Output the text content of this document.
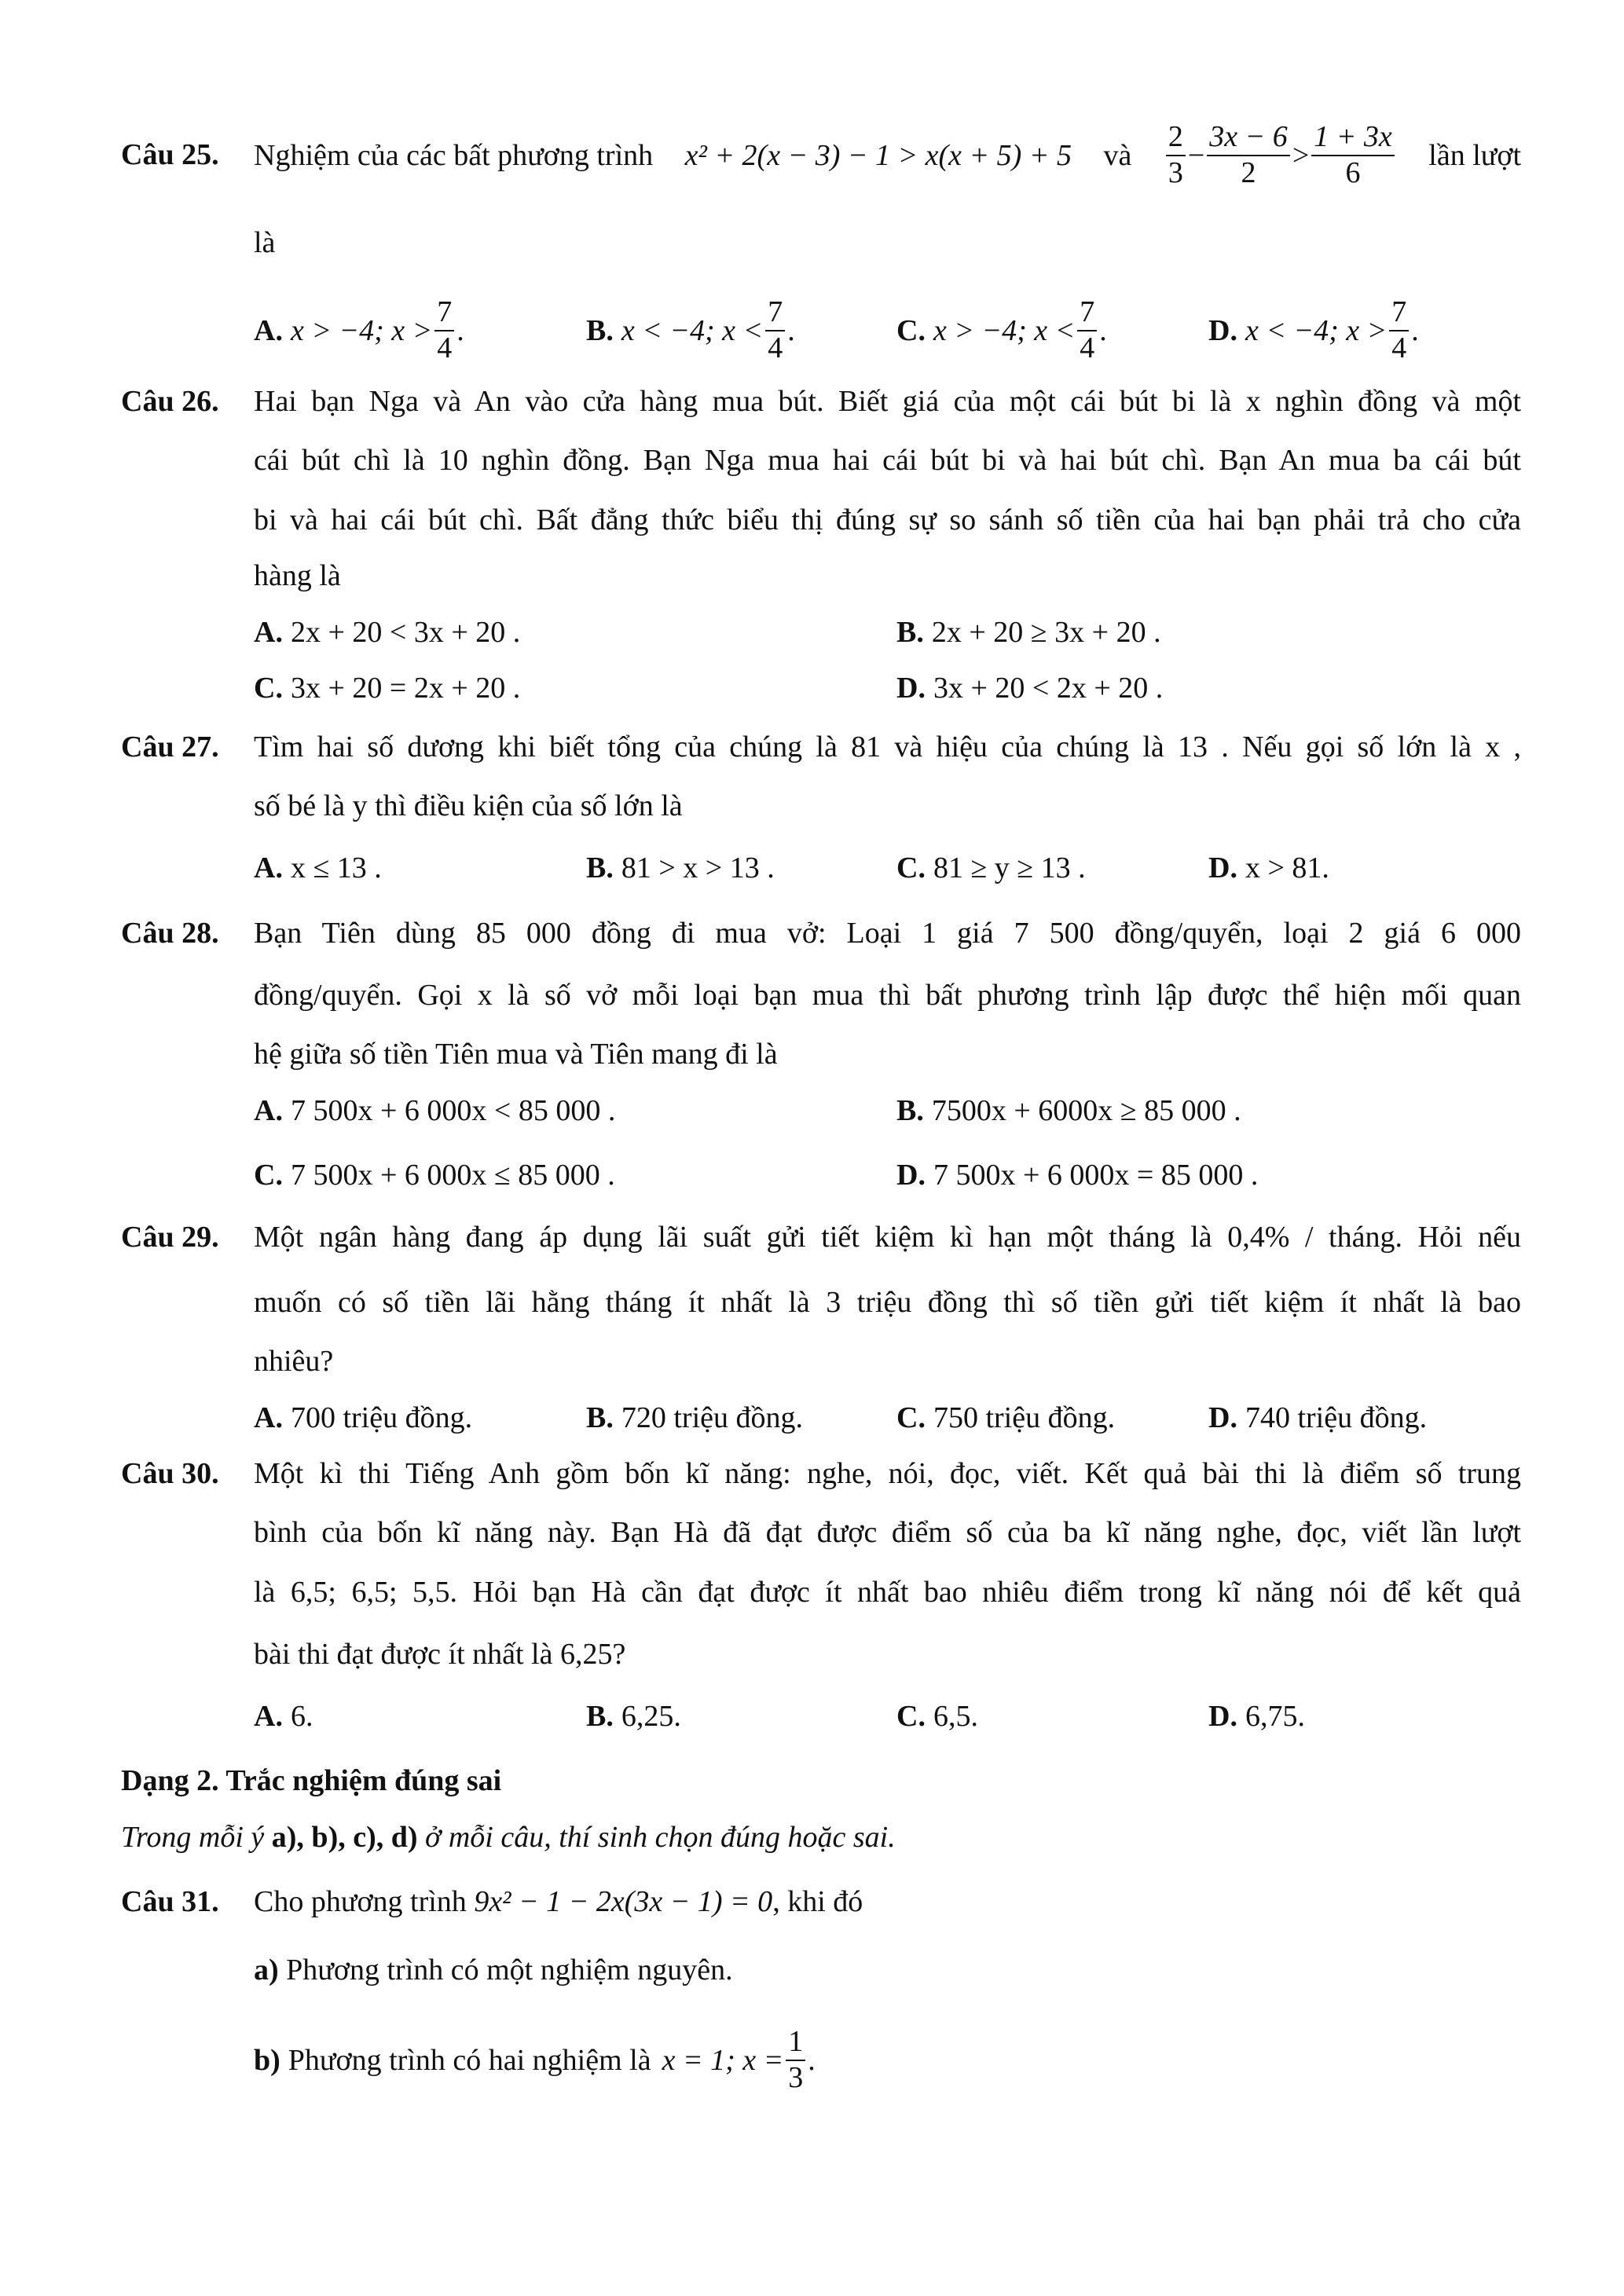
Câu 25. Nghiệm của các bất phương trình x² + 2(x − 3) − 1 > x(x + 5) + 5 và $\frac{2}{3} - \frac{3x - 6}{2} > \frac{1 + 3x}{6}$ lần lượt
là
A. x > −4; $x > \frac{7}{4}$ .	B. x < −4; $x < \frac{7}{4}$ .	C. x > −4; $x < \frac{7}{4}$ .	D. x < −4; $x > \frac{7}{4}$ .
Câu 26. Hai bạn Nga và An vào cửa hàng mua bút. Biết giá của một cái bút bi là x nghìn đồng và một
cái bút chì là 10 nghìn đồng. Bạn Nga mua hai cái bút bi và hai bút chì. Bạn An mua ba cái bút
bi và hai cái bút chì. Bất đẳng thức biểu thị đúng sự so sánh số tiền của hai bạn phải trả cho cửa
hàng là
A. 2x + 20 < 3x + 20 .	B. 2x + 20 ≥ 3x + 20 .
C. 3x + 20 = 2x + 20 .	D. 3x + 20 < 2x + 20 .
Câu 27. Tìm hai số dương khi biết tổng của chúng là 81 và hiệu của chúng là 13 . Nếu gọi số lớn là x ,
số bé là y thì điều kiện của số lớn là
A. x ≤ 13 .	B. 81 > x > 13 .	C. 81 ≥ y ≥ 13 .	D. x > 81.
Câu 28. Bạn Tiên dùng 85 000 đồng đi mua vở: Loại 1 giá 7 500 đồng/quyển, loại 2 giá 6 000
đồng/quyển. Gọi x là số vở mỗi loại bạn mua thì bất phương trình lập được thể hiện mối quan
hệ giữa số tiền Tiên mua và Tiên mang đi là
A. 7 500x + 6 000x < 85 000 .	B. 7500x + 6000x ≥ 85 000 .
C. 7 500x + 6 000x ≤ 85 000 .	D. 7 500x + 6 000x = 85 000 .
Câu 29. Một ngân hàng đang áp dụng lãi suất gửi tiết kiệm kì hạn một tháng là 0,4% / tháng. Hỏi nếu
muốn có số tiền lãi hằng tháng ít nhất là 3 triệu đồng thì số tiền gửi tiết kiệm ít nhất là bao
nhiêu?
A. 700 triệu đồng.	B. 720 triệu đồng.	C. 750 triệu đồng.	D. 740 triệu đồng.
Câu 30. Một kì thi Tiếng Anh gồm bốn kĩ năng: nghe, nói, đọc, viết. Kết quả bài thi là điểm số trung
bình của bốn kĩ năng này. Bạn Hà đã đạt được điểm số của ba kĩ năng nghe, đọc, viết lần lượt
là 6,5; 6,5; 5,5. Hỏi bạn Hà cần đạt được ít nhất bao nhiêu điểm trong kĩ năng nói để kết quả
bài thi đạt được ít nhất là 6,25?
A. 6.	B. 6,25.	C. 6,5.	D. 6,75.
Dạng 2. Trắc nghiệm đúng sai
Trong mỗi ý a), b), c), d) ở mỗi câu, thí sinh chọn đúng hoặc sai.
Câu 31. Cho phương trình 9x² − 1 − 2x(3x − 1) = 0, khi đó
a) Phương trình có một nghiệm nguyên.
b) Phương trình có hai nghiệm là x = 1; $x = \frac{1}{3}$ .
